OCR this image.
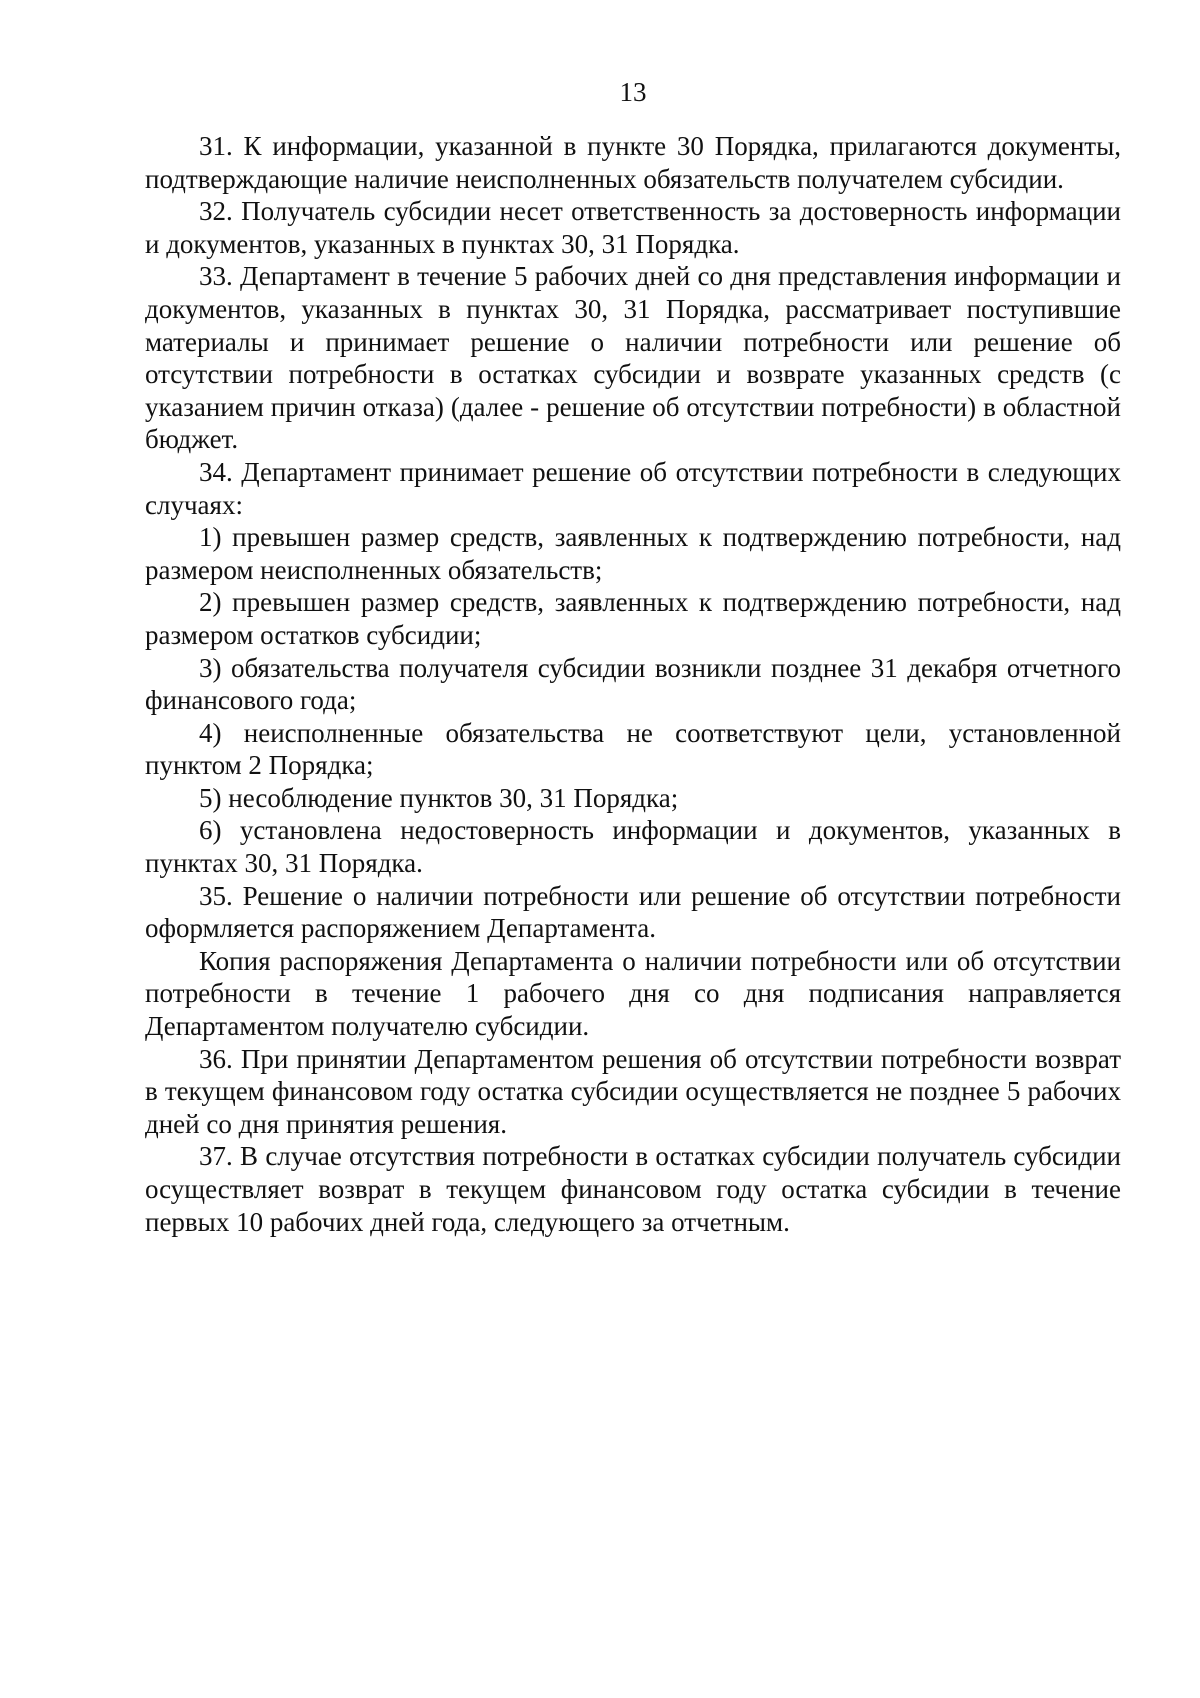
13

31. К информации, указанной в пункте 30 Порядка, прилагаются документы, подтверждающие наличие неисполненных обязательств получателем субсидии.

32. Получатель субсидии несет ответственность за достоверность информации и документов, указанных в пунктах 30, 31 Порядка.

33. Департамент в течение 5 рабочих дней со дня представления информации и документов, указанных в пунктах 30, 31 Порядка, рассматривает поступившие материалы и принимает решение о наличии потребности или решение об отсутствии потребности в остатках субсидии и возврате указанных средств (с указанием причин отказа) (далее - решение об отсутствии потребности) в областной бюджет.

34. Департамент принимает решение об отсутствии потребности в следующих случаях:

1) превышен размер средств, заявленных к подтверждению потребности, над размером неисполненных обязательств;

2) превышен размер средств, заявленных к подтверждению потребности, над размером остатков субсидии;

3) обязательства получателя субсидии возникли позднее 31 декабря отчетного финансового года;

4) неисполненные обязательства не соответствуют цели, установленной пунктом 2 Порядка;

5) несоблюдение пунктов 30, 31 Порядка;

6) установлена недостоверность информации и документов, указанных в пунктах 30, 31 Порядка.

35. Решение о наличии потребности или решение об отсутствии потребности оформляется распоряжением Департамента.

Копия распоряжения Департамента о наличии потребности или об отсутствии потребности в течение 1 рабочего дня со дня подписания направляется Департаментом получателю субсидии.

36. При принятии Департаментом решения об отсутствии потребности возврат в текущем финансовом году остатка субсидии осуществляется не позднее 5 рабочих дней со дня принятия решения.

37. В случае отсутствия потребности в остатках субсидии получатель субсидии осуществляет возврат в текущем финансовом году остатка субсидии в течение первых 10 рабочих дней года, следующего за отчетным.
